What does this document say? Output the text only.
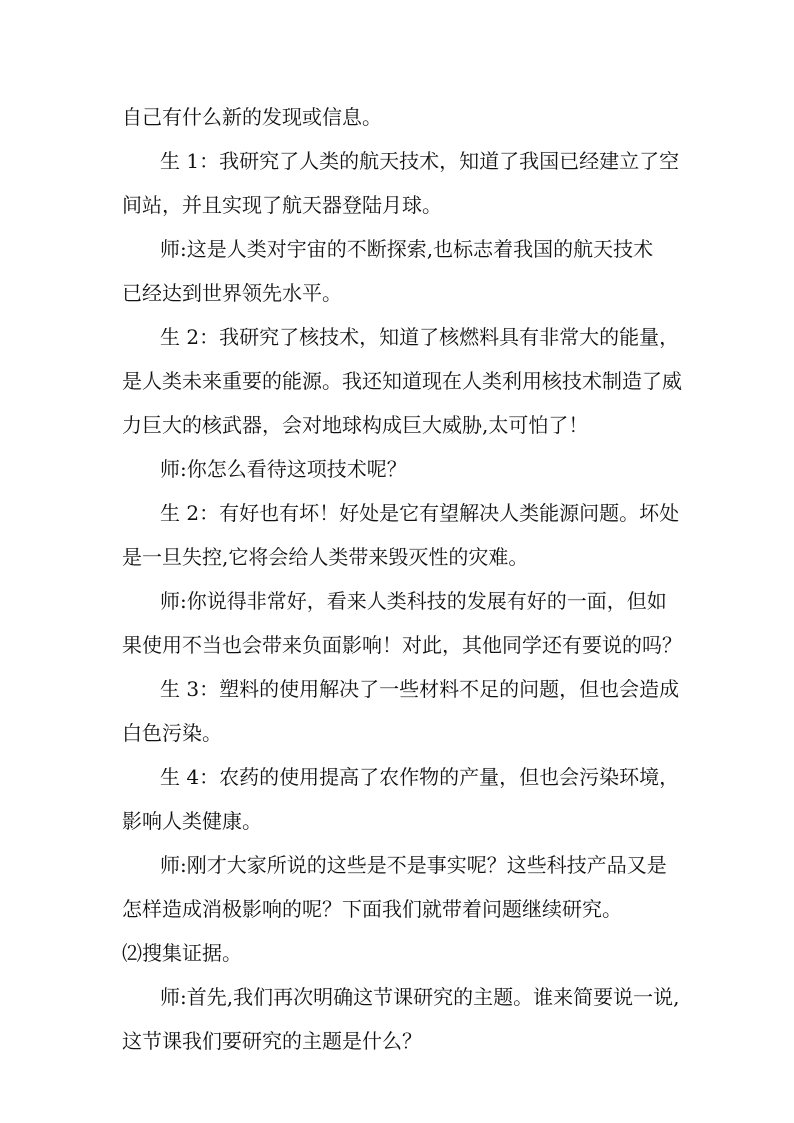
自己有什么新的发现或信息。
生 1：我研究了人类的航天技术，知道了我国已经建立了空
间站，并且实现了航天器登陆月球。
师:这是人类对宇宙的不断探索,也标志着我国的航天技术
已经达到世界领先水平。
生 2：我研究了核技术，知道了核燃料具有非常大的能量，
是人类未来重要的能源。我还知道现在人类利用核技术制造了威
力巨大的核武器，会对地球构成巨大威胁,太可怕了！
师:你怎么看待这项技术呢？
生 2：有好也有坏！好处是它有望解决人类能源问题。坏处
是一旦失控,它将会给人类带来毁灭性的灾难。
师:你说得非常好，看来人类科技的发展有好的一面，但如
果使用不当也会带来负面影响！对此，其他同学还有要说的吗？
生 3：塑料的使用解决了一些材料不足的问题，但也会造成
白色污染。
生 4：农药的使用提高了农作物的产量，但也会污染环境，
影响人类健康。
师:刚才大家所说的这些是不是事实呢？这些科技产品又是
怎样造成消极影响的呢？下面我们就带着问题继续研究。
⑵搜集证据。
师:首先,我们再次明确这节课研究的主题。谁来简要说一说,
这节课我们要研究的主题是什么？
